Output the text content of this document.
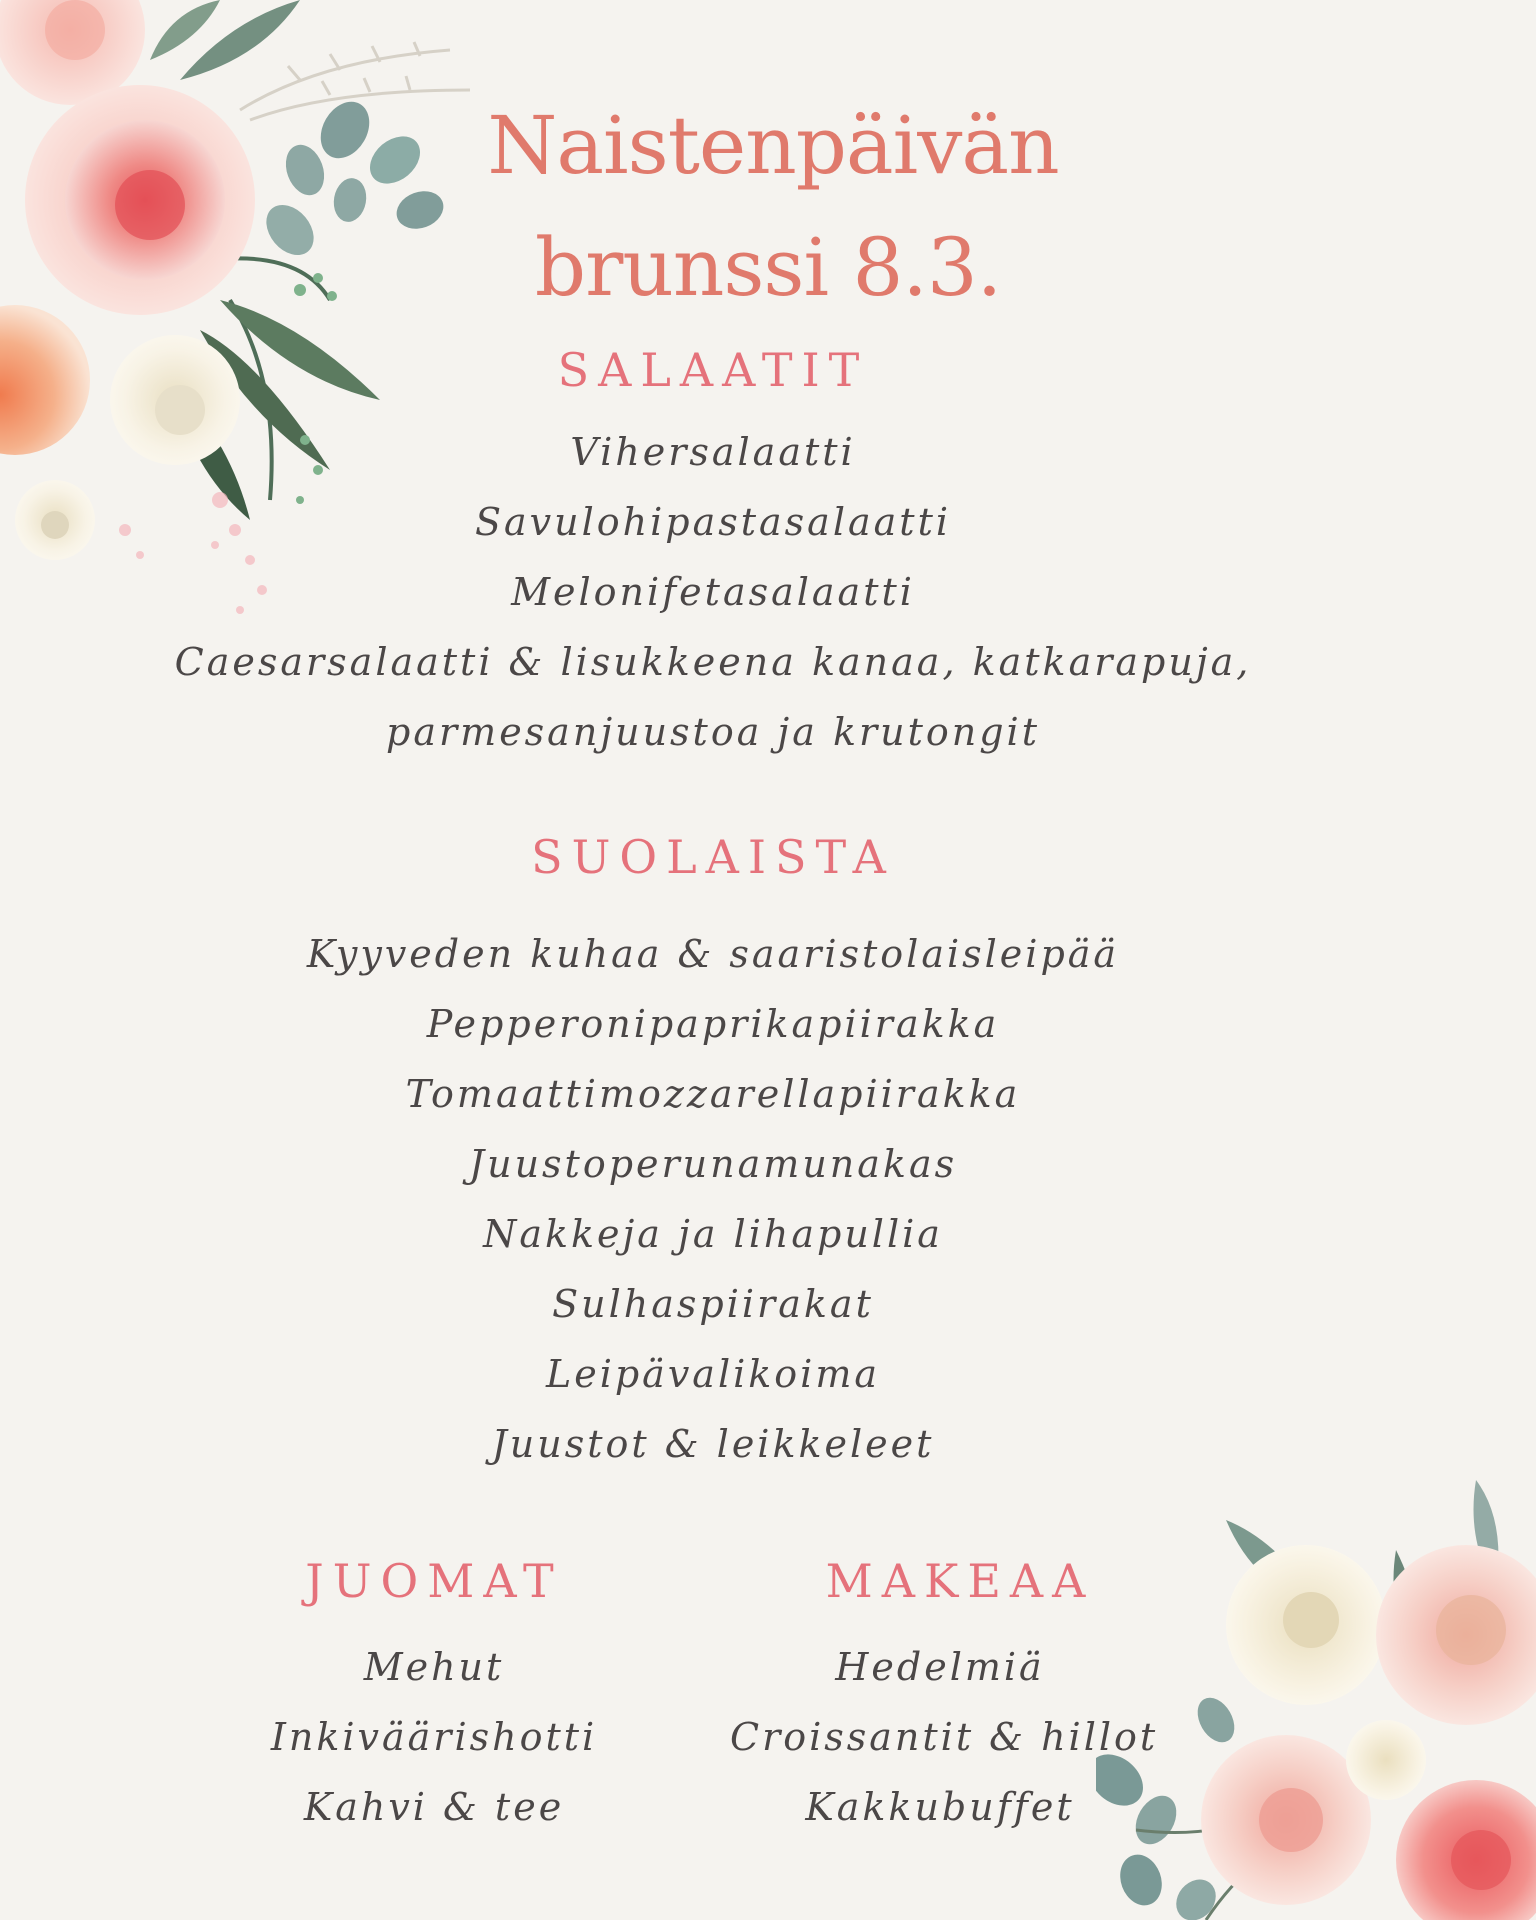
Naistenpäivän
brunssi 8.3.
SALAATIT
Vihersalaatti
Savulohipastasalaatti
Melonifetasalaatti
Caesarsalaatti & lisukkeena kanaa, katkarapuja,
parmesanjuustoa ja krutongit
SUOLAISTA
Kyyveden kuhaa & saaristolaisleipää
Pepperonipaprikapiirakka
Tomaattimozzarellapiirakka
Juustoperunamunakas
Nakkeja ja lihapullia
Sulhaspiirakat
Leipävalikoima
Juustot & leikkeleet
JUOMAT
Mehut
Inkiväärishotti
Kahvi & tee
MAKEAA
Hedelmiä
Croissantit & hillot
Kakkubuffet
